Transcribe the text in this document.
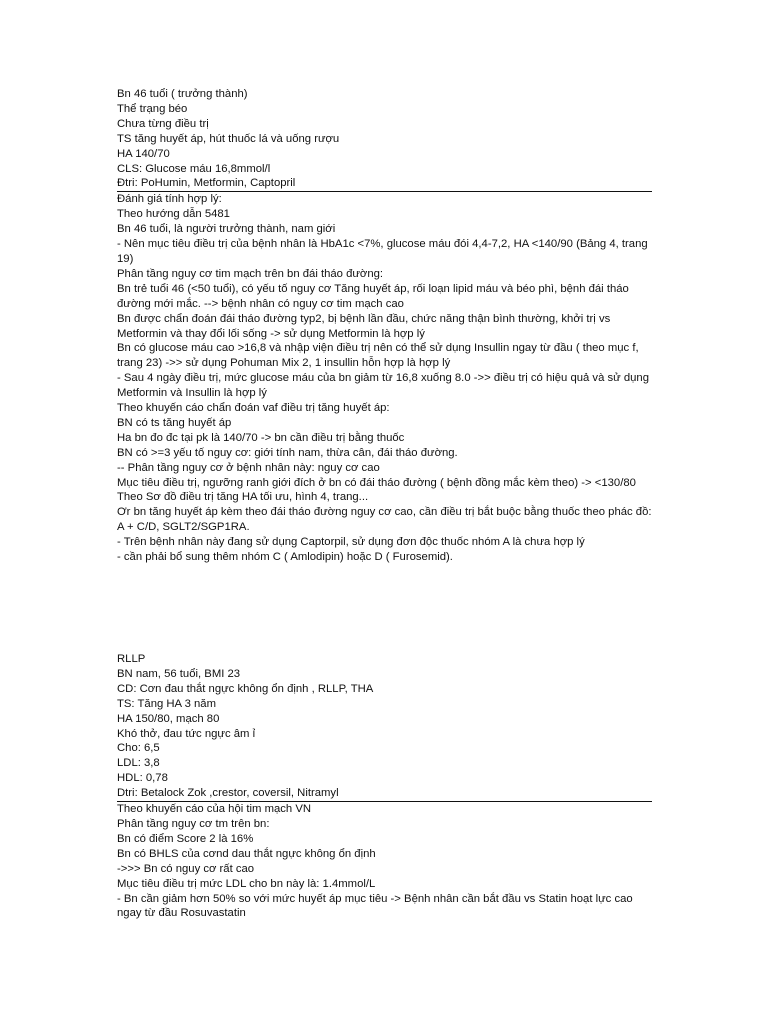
Bn 46 tuổi ( trưởng thành)
Thể trạng béo
Chưa từng điều trị
TS tăng huyết áp, hút thuốc lá và uống rượu
HA 140/70
CLS: Glucose máu 16,8mmol/l
Đtri: PoHumin, Metformin, Captopril
Đánh giá tính hợp lý:
Theo hướng dẫn 5481
Bn 46 tuổi, là người trưởng thành, nam giới
- Nên mục tiêu điều trị của bệnh nhân là HbA1c <7%, glucose máu đói 4,4-7,2, HA <140/90 (Bảng 4, trang 19)
Phân tầng nguy cơ tim mạch trên bn đái tháo đường:
Bn trẻ tuổi 46 (<50 tuổi), có yếu tố nguy cơ Tăng huyết áp, rối loạn lipid máu và béo phì, bệnh đái tháo đường mới mắc. --> bệnh nhân có nguy cơ tim mạch cao
Bn được chẩn đoán đái tháo đường typ2, bị bệnh lần đầu, chức năng thận bình thường, khởi trị vs Metformin và thay đổi lối sống -> sử dụng Metformin là hợp lý
Bn có glucose máu cao >16,8 và nhập viện điều trị nên có thể sử dụng Insullin ngay từ đầu ( theo mục f, trang 23) ->> sử dụng Pohuman Mix 2, 1 insullin hỗn hợp là hợp lý
- Sau 4 ngày điều trị, mức glucose máu của bn giảm từ 16,8 xuống 8.0 ->> điều trị có hiệu quả và sử dụng Metformin và Insullin là hợp lý
Theo khuyến cáo chẩn đoán vaf điều trị tăng huyết áp:
BN có ts tăng huyết áp
Ha bn đo đc tại pk là 140/70 -> bn cần điều trị bằng thuốc
BN có >=3 yếu tố nguy cơ: giới tính nam, thừa cân, đái tháo đường.
-- Phân tầng nguy cơ ở bệnh nhân này: nguy cơ cao
Mục tiêu điều trị, ngưỡng ranh giới đích ở bn có đái tháo đường ( bệnh đồng mắc kèm theo) -> <130/80
Theo Sơ đồ điều trị tăng HA tối ưu, hình 4, trang...
Ơr bn tăng huyết áp kèm theo đái tháo đường nguy cơ cao, cần điều trị bắt buộc bằng thuốc theo phác đồ: A + C/D, SGLT2/SGP1RA.
- Trên bệnh nhân này đang sử dụng Captorpil, sử dụng đơn độc thuốc nhóm A là chưa hợp lý
- cần phải bổ sung thêm nhóm C ( Amlodipin) hoặc D ( Furosemid).
RLLP
BN nam, 56 tuổi, BMI 23
CD: Cơn đau thắt ngực không ổn định , RLLP, THA
TS: Tăng HA 3 năm
HA 150/80, mạch 80
Khó thở, đau tức ngực âm ỉ
Cho: 6,5
LDL: 3,8
HDL: 0,78
Dtri: Betalock Zok ,crestor, coversil, Nitramyl
Theo khuyến cáo của hội tim mạch VN
Phân tầng nguy cơ tm trên bn:
Bn có điểm Score 2 là 16%
Bn có BHLS của cơnd dau thắt ngực không ổn định
->>> Bn có nguy cơ rất cao
Mục tiêu điều trị mức LDL cho bn này là: 1.4mmol/L
- Bn cần giảm hơn 50% so với mức huyết áp mục tiêu -> Bệnh nhân cần bắt đầu vs Statin hoạt lực cao ngay từ đầu Rosuvastatin
